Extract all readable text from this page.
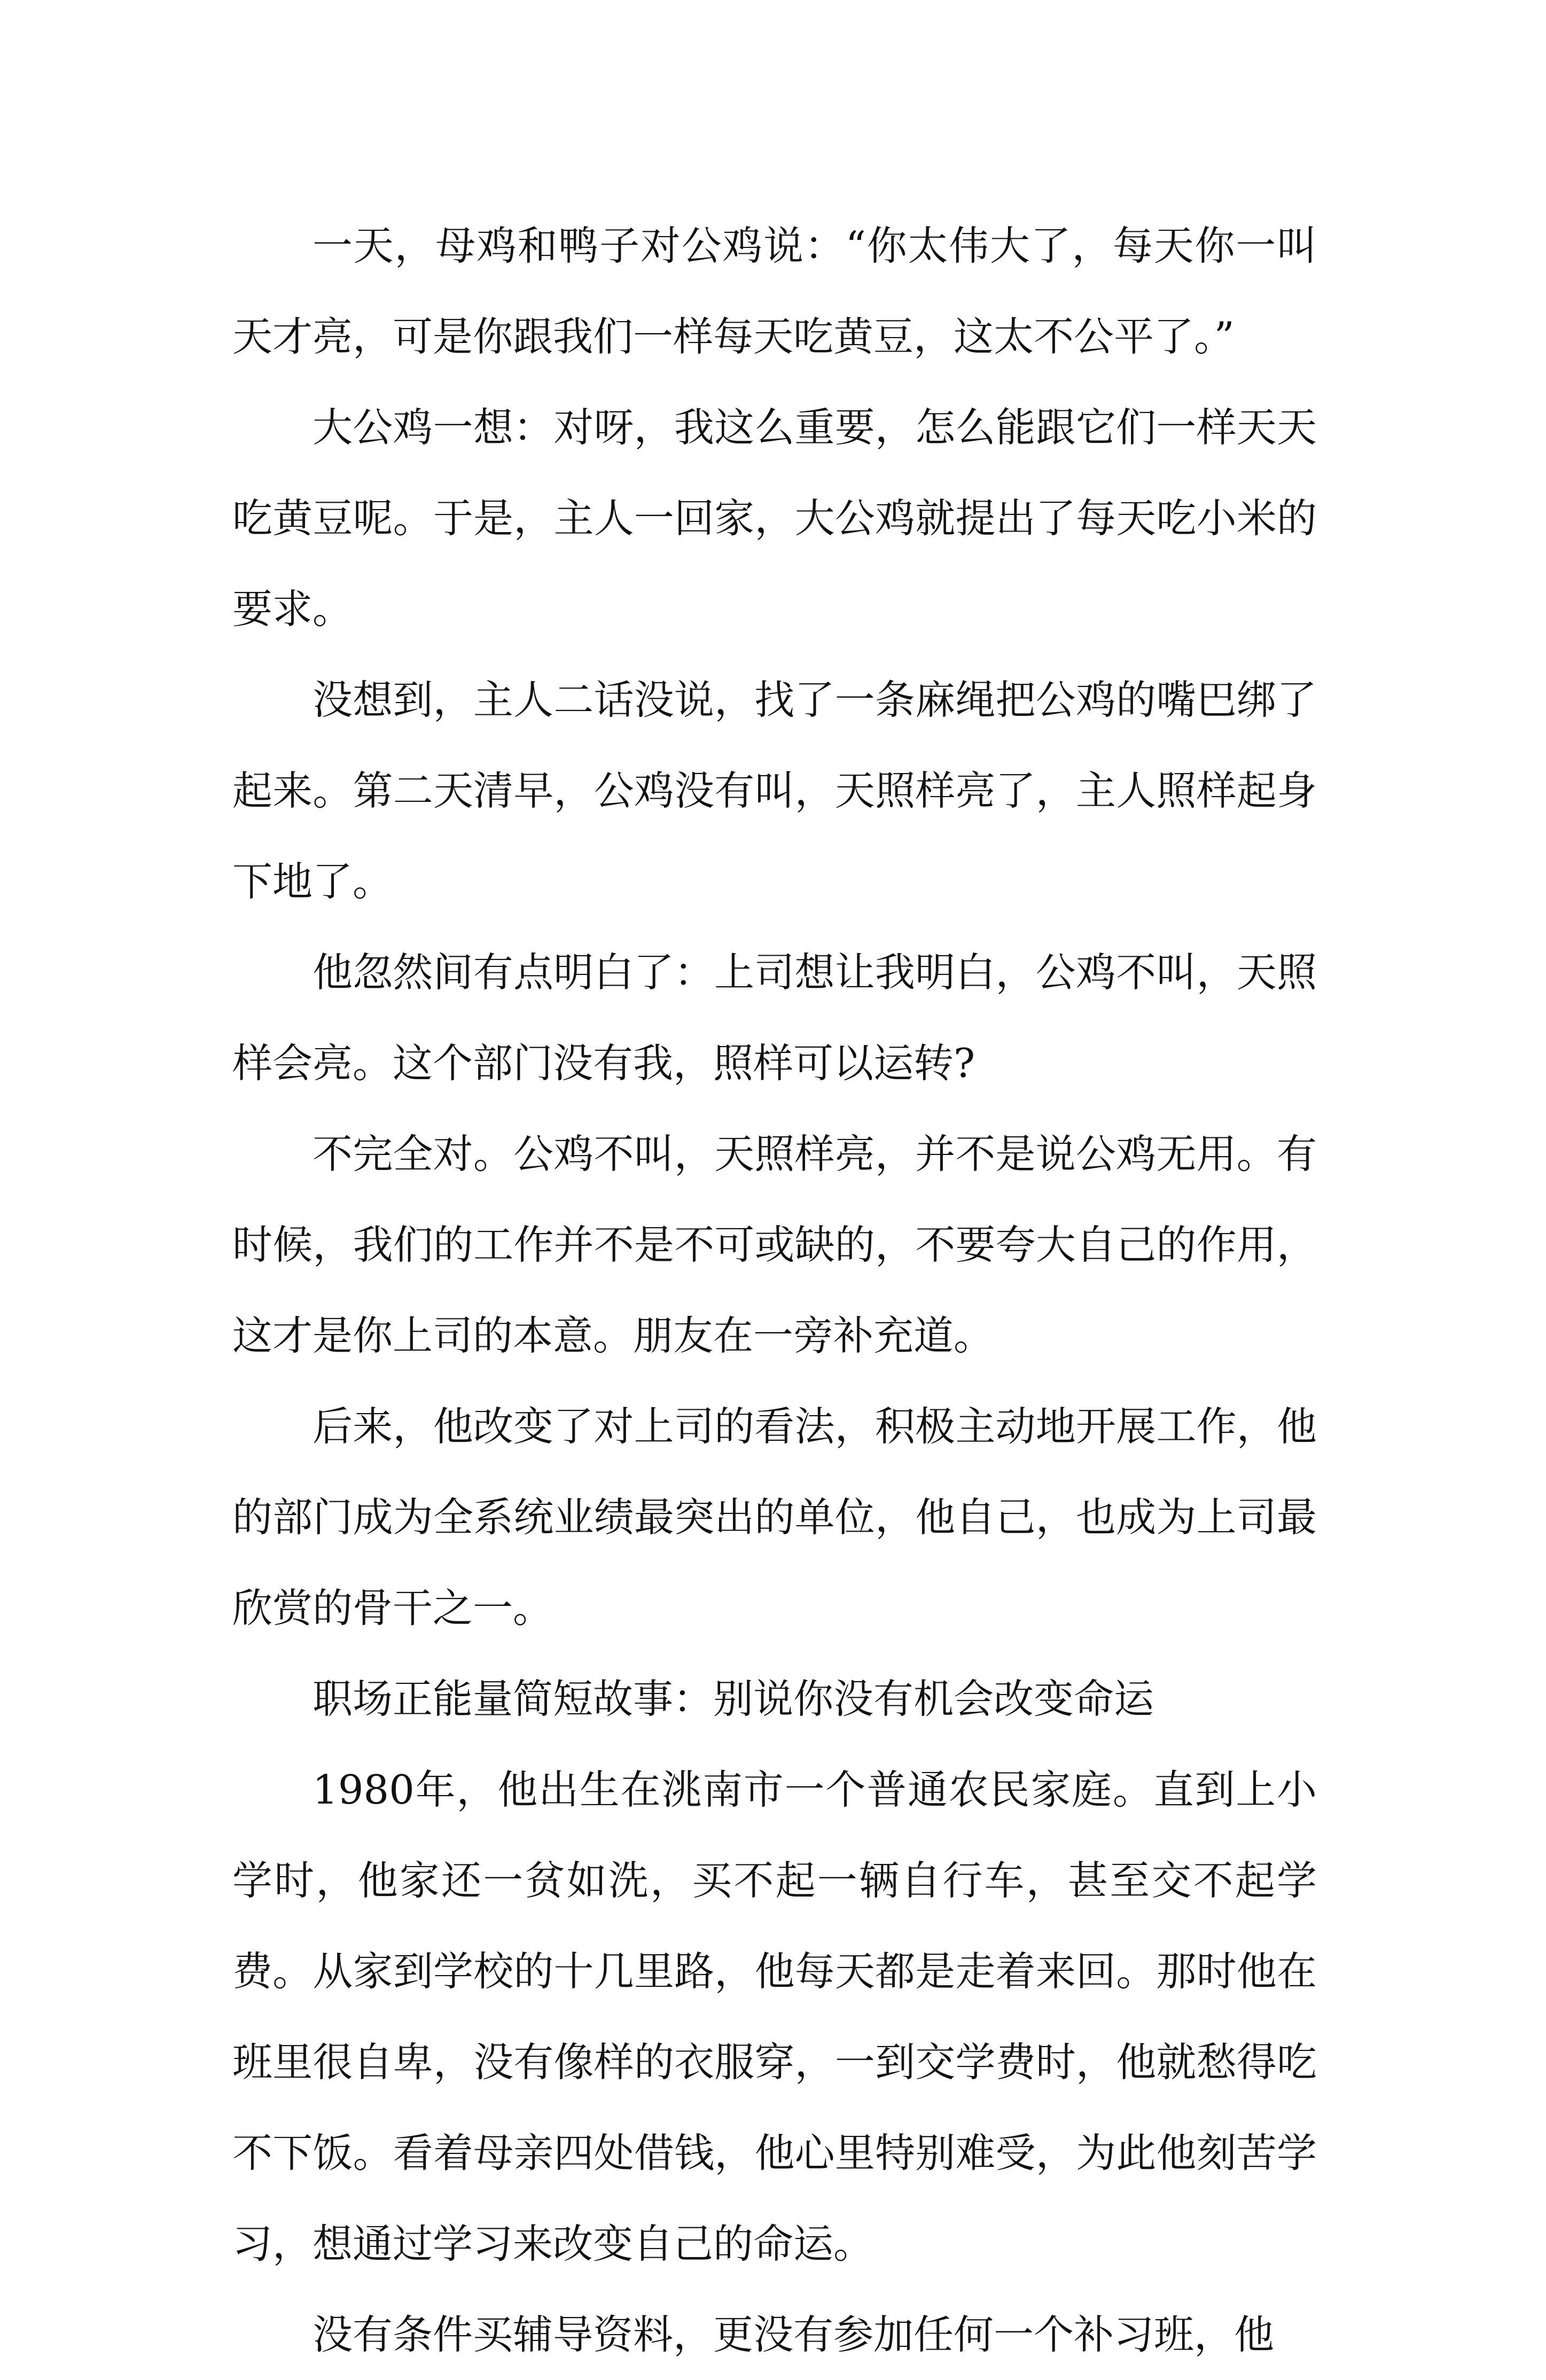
一天，母鸡和鸭子对公鸡说：“你太伟大了，每天你一叫天才亮，可是你跟我们一样每天吃黄豆，这太不公平了。”

大公鸡一想：对呀，我这么重要，怎么能跟它们一样天天吃黄豆呢。于是，主人一回家，大公鸡就提出了每天吃小米的要求。

没想到，主人二话没说，找了一条麻绳把公鸡的嘴巴绑了起来。第二天清早，公鸡没有叫，天照样亮了，主人照样起身下地了。

他忽然间有点明白了：上司想让我明白，公鸡不叫，天照样会亮。这个部门没有我，照样可以运转?

不完全对。公鸡不叫，天照样亮，并不是说公鸡无用。有时候，我们的工作并不是不可或缺的，不要夸大自己的作用，这才是你上司的本意。朋友在一旁补充道。

后来，他改变了对上司的看法，积极主动地开展工作，他的部门成为全系统业绩最突出的单位，他自己，也成为上司最欣赏的骨干之一。

职场正能量简短故事：别说你没有机会改变命运

1980年，他出生在洮南市一个普通农民家庭。直到上小学时，他家还一贫如洗，买不起一辆自行车，甚至交不起学费。从家到学校的十几里路，他每天都是走着来回。那时他在班里很自卑，没有像样的衣服穿，一到交学费时，他就愁得吃不下饭。看着母亲四处借钱，他心里特别难受，为此他刻苦学习，想通过学习来改变自己的命运。

没有条件买辅导资料，更没有参加任何一个补习班，他
